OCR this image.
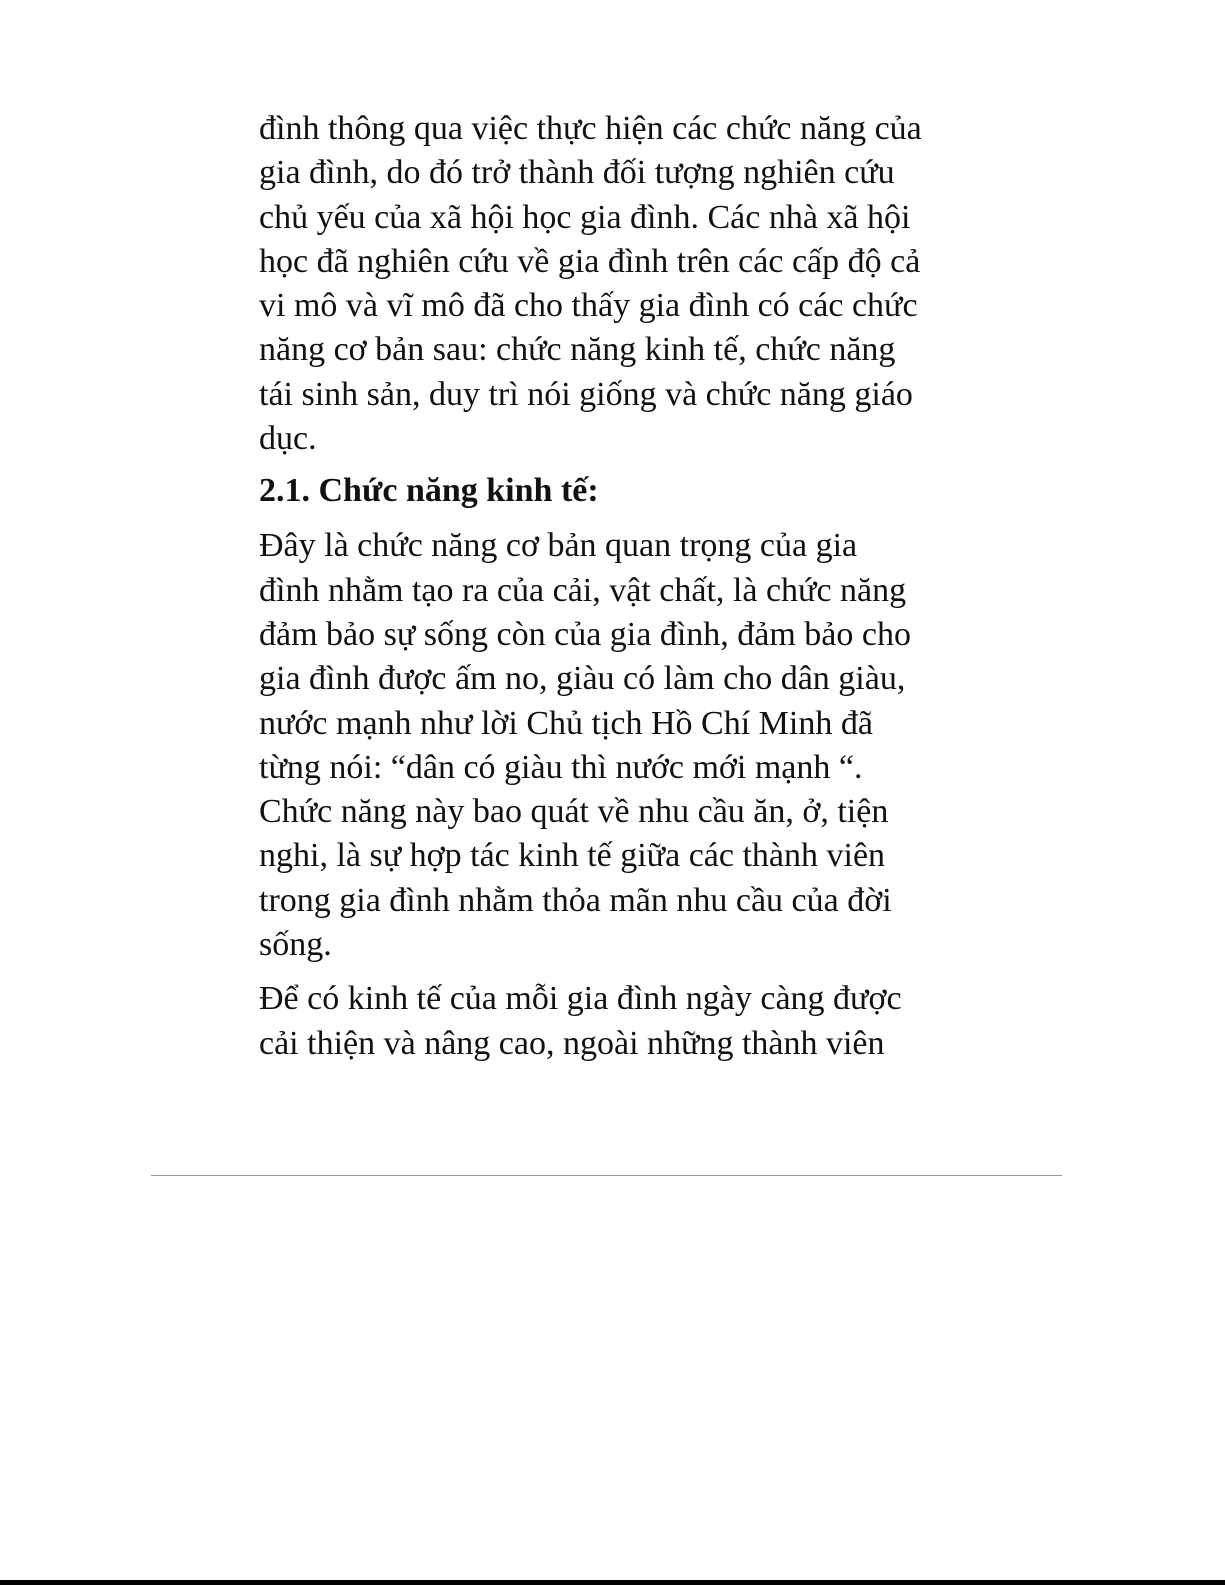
đình thông qua việc thực hiện các chức năng của
gia đình, do đó trở thành đối tượng nghiên cứu
chủ yếu của xã hội học gia đình. Các nhà xã hội
học đã nghiên cứu về gia đình trên các cấp độ cả
vi mô và vĩ mô đã cho thấy gia đình có các chức
năng cơ bản sau: chức năng kinh tế, chức năng
tái sinh sản, duy trì nói giống và chức năng giáo
dục.
2.1. Chức năng kinh tế:
Đây là chức năng cơ bản quan trọng của gia
đình nhằm tạo ra của cải, vật chất, là chức năng
đảm bảo sự sống còn của gia đình, đảm bảo cho
gia đình được ấm no, giàu có làm cho dân giàu,
nước mạnh như lời Chủ tịch Hồ Chí Minh đã
từng nói: “dân có giàu thì nước mới mạnh “.
Chức năng này bao quát về nhu cầu ăn, ở, tiện
nghi, là sự hợp tác kinh tế giữa các thành viên
trong gia đình nhằm thỏa mãn nhu cầu của đời
sống.
Để có kinh tế của mỗi gia đình ngày càng được
cải thiện và nâng cao, ngoài những thành viên
